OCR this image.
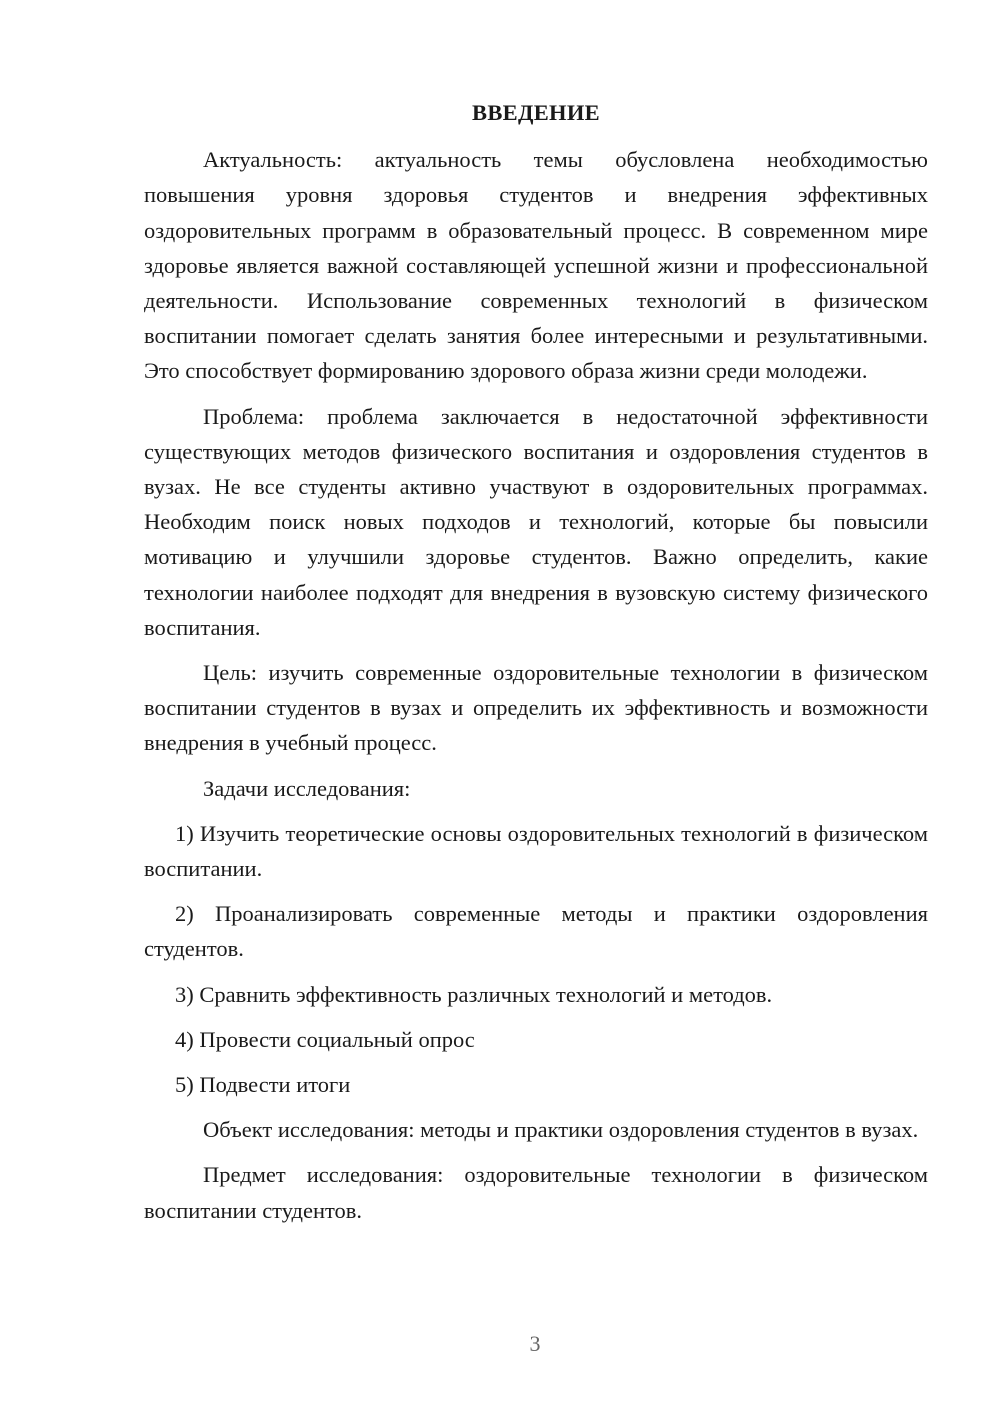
ВВЕДЕНИЕ

Актуальность: актуальность темы обусловлена необходимостью повышения уровня здоровья студентов и внедрения эффективных оздоровительных программ в образовательный процесс. В современном мире здоровье является важной составляющей успешной жизни и профессиональной деятельности. Использование современных технологий в физическом воспитании помогает сделать занятия более интересными и результативными. Это способствует формированию здорового образа жизни среди молодежи.

Проблема: проблема заключается в недостаточной эффективности существующих методов физического воспитания и оздоровления студентов в вузах. Не все студенты активно участвуют в оздоровительных программах. Необходим поиск новых подходов и технологий, которые бы повысили мотивацию и улучшили здоровье студентов. Важно определить, какие технологии наиболее подходят для внедрения в вузовскую систему физического воспитания.

Цель: изучить современные оздоровительные технологии в физическом воспитании студентов в вузах и определить их эффективность и возможности внедрения в учебный процесс.

Задачи исследования:

1) Изучить теоретические основы оздоровительных технологий в физическом воспитании.

2) Проанализировать современные методы и практики оздоровления студентов.

3) Сравнить эффективность различных технологий и методов.

4) Провести социальный опрос

5) Подвести итоги

Объект исследования: методы и практики оздоровления студентов в вузах.

Предмет исследования: оздоровительные технологии в физическом воспитании студентов.

3
